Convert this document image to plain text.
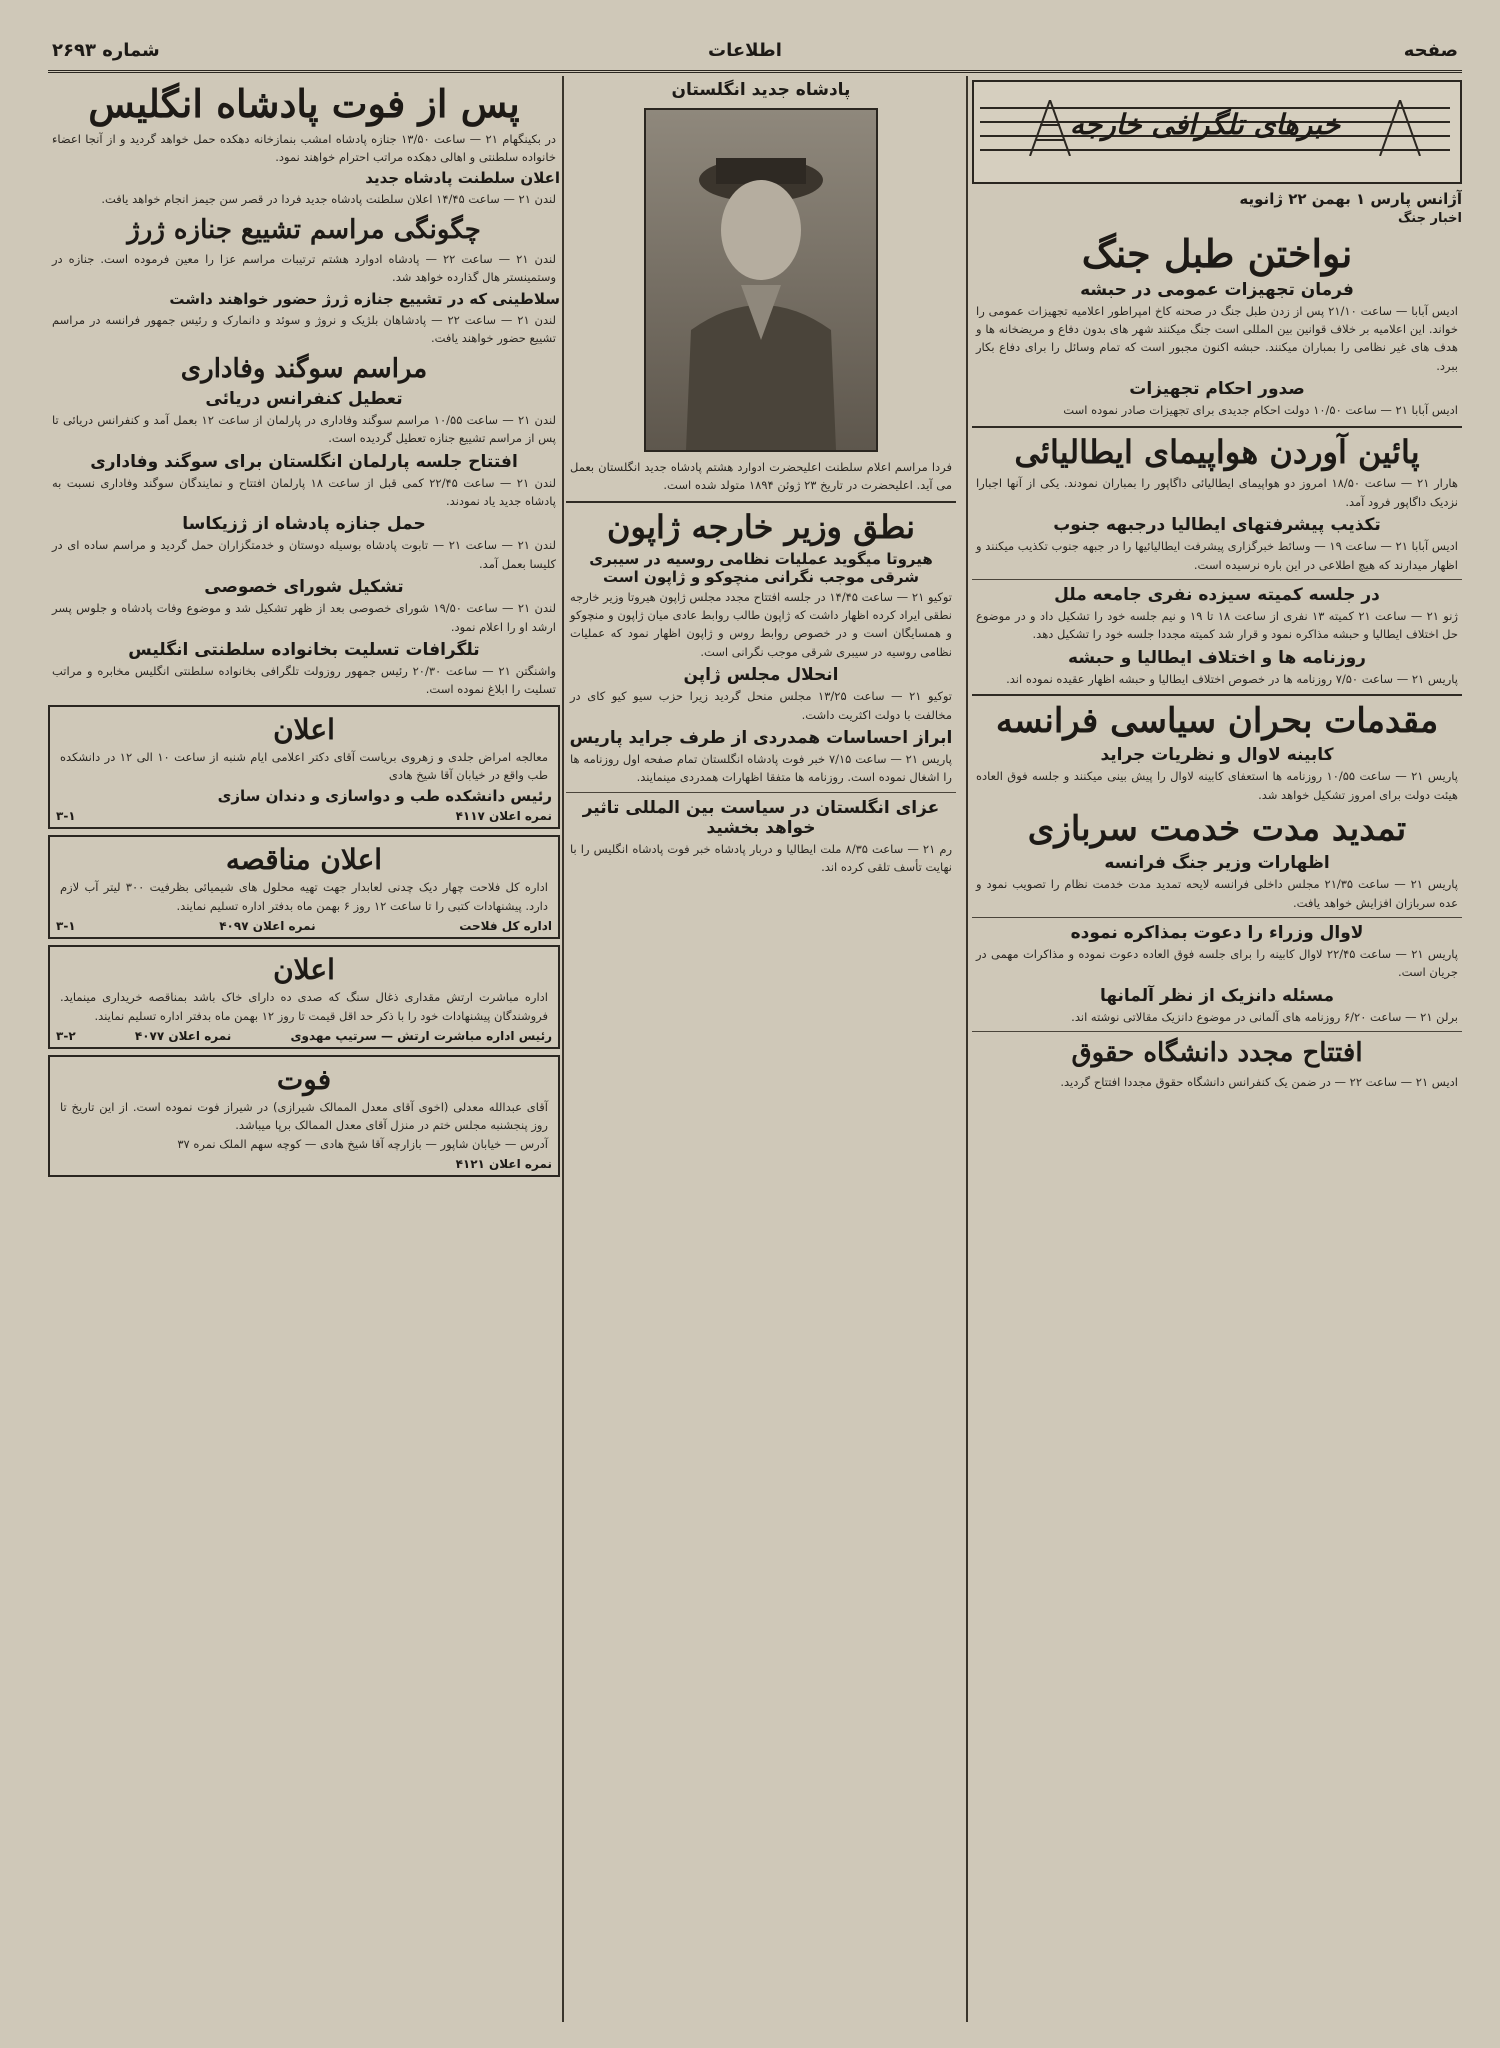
صفحه
اطلاعات
شماره ۲۶۹۳
خبرهای تلگرافی خارجه
آژانس پارس ۱ بهمن ۲۲ ژانویه
اخبار جنگ
نواختن طبل جنگ
فرمان تجهیزات عمومی در حبشه
ادیس آبابا — ساعت ۲۱/۱۰ پس از زدن طبل جنگ در صحنه کاخ امپراطور اعلامیه تجهیزات عمومی را خواند. این اعلامیه بر خلاف قوانین بین المللی است جنگ میکنند شهر های بدون دفاع و مریضخانه ها و هدف های غیر نظامی را بمباران میکنند. حبشه اکنون مجبور است که تمام وسائل را برای دفاع بکار ببرد.
صدور احکام تجهیزات
ادیس آبابا ۲۱ — ساعت ۱۰/۵۰ دولت احکام جدیدی برای تجهیزات صادر نموده است
پائین آوردن هواپیمای ایطالیائی
هارار ۲۱ — ساعت ۱۸/۵۰ امروز دو هواپیمای ایطالیائی داگاپور را بمباران نمودند. یکی از آنها اجبارا نزدیک داگاپور فرود آمد.
تکذیب پیشرفتهای ایطالیا درجبهه جنوب
ادیس آبابا ۲۱ — ساعت ۱۹ — وسائط خبرگزاری پیشرفت ایطالیائیها را در جبهه جنوب تکذیب میکنند و اظهار میدارند که هیچ اطلاعی در این باره نرسیده است.
در جلسه کمیته سیزده نفری جامعه ملل
ژنو ۲۱ — ساعت ۲۱ کمیته ۱۳ نفری از ساعت ۱۸ تا ۱۹ و نیم جلسه خود را تشکیل داد و در موضوع حل اختلاف ایطالیا و حبشه مذاکره نمود و قرار شد کمیته مجددا جلسه خود را تشکیل دهد.
روزنامه ها و اختلاف ایطالیا و حبشه
پاریس ۲۱ — ساعت ۷/۵۰ روزنامه ها در خصوص اختلاف ایطالیا و حبشه اظهار عقیده نموده اند.
مقدمات بحران سیاسی فرانسه
کابینه لاوال و نظریات جراید
پاریس ۲۱ — ساعت ۱۰/۵۵ روزنامه ها استعفای کابینه لاوال را پیش بینی میکنند و جلسه فوق العاده هیئت دولت برای امروز تشکیل خواهد شد.
تمدید مدت خدمت سربازی
اظهارات وزیر جنگ فرانسه
پاریس ۲۱ — ساعت ۲۱/۳۵ مجلس داخلی فرانسه لایحه تمدید مدت خدمت نظام را تصویب نمود و عده سربازان افزایش خواهد یافت.
لاوال وزراء را دعوت بمذاکره نموده
پاریس ۲۱ — ساعت ۲۲/۴۵ لاوال کابینه را برای جلسه فوق العاده دعوت نموده و مذاکرات مهمی در جریان است.
مسئله دانزیک از نظر آلمانها
برلن ۲۱ — ساعت ۶/۲۰ روزنامه های آلمانی در موضوع دانزیک مقالاتی نوشته اند.
افتتاح مجدد دانشگاه حقوق
ادیس ۲۱ — ساعت ۲۲ — در ضمن یک کنفرانس دانشگاه حقوق مجددا افتتاح گردید.
پادشاه جدید انگلستان
فردا مراسم اعلام سلطنت اعلیحضرت ادوارد هشتم پادشاه جدید انگلستان بعمل می آید. اعلیحضرت در تاریخ ۲۳ ژوئن ۱۸۹۴ متولد شده است.
نطق وزیر خارجه ژاپون
هیروتا میگوید عملیات نظامی روسیه در سیبری شرقی موجب نگرانی منچوکو و ژاپون است
توکیو ۲۱ — ساعت ۱۴/۴۵ در جلسه افتتاح مجدد مجلس ژاپون هیروتا وزیر خارجه نطقی ایراد کرده اظهار داشت که ژاپون طالب روابط عادی میان ژاپون و منچوکو و همسایگان است و در خصوص روابط روس و ژاپون اظهار نمود که عملیات نظامی روسیه در سیبری شرقی موجب نگرانی است.
انحلال مجلس ژاپن
توکیو ۲۱ — ساعت ۱۳/۲۵ مجلس منحل گردید زیرا حزب سیو کیو کای در مخالفت با دولت اکثریت داشت.
ابراز احساسات همدردی از طرف جراید پاریس
پاریس ۲۱ — ساعت ۷/۱۵ خبر فوت پادشاه انگلستان تمام صفحه اول روزنامه ها را اشغال نموده است. روزنامه ها متفقا اظهارات همدردی مینمایند.
عزای انگلستان در سیاست بین المللی تاثیر خواهد بخشید
رم ۲۱ — ساعت ۸/۳۵ ملت ایطالیا و دربار پادشاه خبر فوت پادشاه انگلیس را با نهایت تأسف تلقی کرده اند.
پس از فوت پادشاه انگلیس
در بکینگهام ۲۱ — ساعت ۱۳/۵۰ جنازه پادشاه امشب بنمازخانه دهکده حمل خواهد گردید و از آنجا اعضاء خانواده سلطنتی و اهالی دهکده مراتب احترام خواهند نمود.
اعلان سلطنت پادشاه جدید
لندن ۲۱ — ساعت ۱۴/۴۵ اعلان سلطنت پادشاه جدید فردا در قصر سن جیمز انجام خواهد یافت.
چگونگی مراسم تشییع جنازه ژرژ
لندن ۲۱ — ساعت ۲۲ — پادشاه ادوارد هشتم ترتیبات مراسم عزا را معین فرموده است. جنازه در وستمینستر هال گذارده خواهد شد.
سلاطینی که در تشییع جنازه ژرژ حضور خواهند داشت
لندن ۲۱ — ساعت ۲۲ — پادشاهان بلژیک و نروژ و سوئد و دانمارک و رئیس جمهور فرانسه در مراسم تشییع حضور خواهند یافت.
مراسم سوگند وفاداری
تعطیل کنفرانس دریائی
لندن ۲۱ — ساعت ۱۰/۵۵ مراسم سوگند وفاداری در پارلمان از ساعت ۱۲ بعمل آمد و کنفرانس دریائی تا پس از مراسم تشییع جنازه تعطیل گردیده است.
افتتاح جلسه پارلمان انگلستان برای سوگند وفاداری
لندن ۲۱ — ساعت ۲۲/۴۵ کمی قبل از ساعت ۱۸ پارلمان افتتاح و نمایندگان سوگند وفاداری نسبت به پادشاه جدید یاد نمودند.
حمل جنازه پادشاه از ژزیکاسا
لندن ۲۱ — ساعت ۲۱ — تابوت پادشاه بوسیله دوستان و خدمتگزاران حمل گردید و مراسم ساده ای در کلیسا بعمل آمد.
تشکیل شورای خصوصی
لندن ۲۱ — ساعت ۱۹/۵۰ شورای خصوصی بعد از ظهر تشکیل شد و موضوع وفات پادشاه و جلوس پسر ارشد او را اعلام نمود.
تلگرافات تسلیت بخانواده سلطنتی انگلیس
واشنگتن ۲۱ — ساعت ۲۰/۳۰ رئیس جمهور روزولت تلگرافی بخانواده سلطنتی انگلیس مخابره و مراتب تسلیت را ابلاغ نموده است.
اعلان
معالجه امراض جلدی و زهروی بریاست آقای دکتر اعلامی ایام شنبه از ساعت ۱۰ الی ۱۲ در دانشکده طب واقع در خیابان آقا شیخ هادی
رئیس دانشکده طب و دواسازی و دندان سازی
نمره اعلان ۴۱۱۷
۳-۱
اعلان مناقصه
اداره کل فلاحت چهار دیک چدنی لعابدار جهت تهیه محلول های شیمیائی بظرفیت ۳۰۰ لیتر آب لازم دارد. پیشنهادات کتبی را تا ساعت ۱۲ روز ۶ بهمن ماه بدفتر اداره تسلیم نمایند.
اداره کل فلاحت
نمره اعلان ۴۰۹۷
۳-۱
اعلان
اداره مباشرت ارتش مقداری ذغال سنگ که صدی ده دارای خاک باشد بمناقصه خریداری مینماید. فروشندگان پیشنهادات خود را با ذکر حد اقل قیمت تا روز ۱۲ بهمن ماه بدفتر اداره تسلیم نمایند.
رئیس اداره مباشرت ارتش — سرتیپ مهدوی
نمره اعلان ۴۰۷۷
۳-۲
فوت
آقای عبدالله معدلی (اخوی آقای معدل الممالک شیرازی) در شیراز فوت نموده است. از این تاریخ تا روز پنجشنبه مجلس ختم در منزل آقای معدل الممالک برپا میباشد.
آدرس — خیابان شاپور — بازارچه آقا شیخ هادی — کوچه سهم الملک نمره ۳۷
نمره اعلان ۴۱۲۱
